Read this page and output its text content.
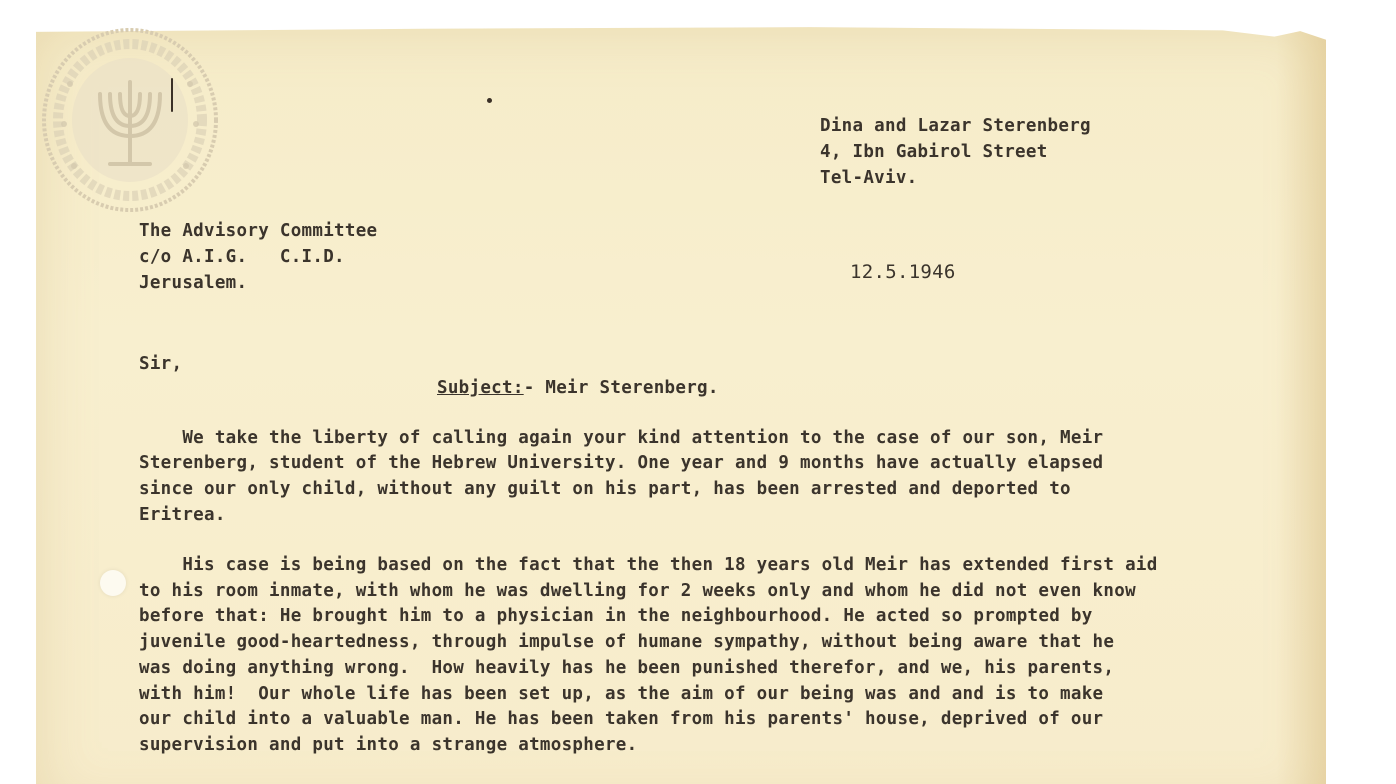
Dina and Lazar Sterenberg
4, Ibn Gabirol Street
Tel-Aviv.
The Advisory Committee
c/o A.I.G.   C.I.D.
Jerusalem.	12.5.1946
Sir,
Subject:- Meir Sterenberg.
We take the liberty of calling again your kind attention to the case of our son, Meir
Sterenberg, student of the Hebrew University. One year and 9 months have actually elapsed
since our only child, without any guilt on his part, has been arrested and deported to
Eritrea.
His case is being based on the fact that the then 18 years old Meir has extended first aid
to his room inmate, with whom he was dwelling for 2 weeks only and whom he did not even know
before that: He brought him to a physician in the neighbourhood. He acted so prompted by
juvenile good-heartedness, through impulse of humane sympathy, without being aware that he
was doing anything wrong.  How heavily has he been punished therefor, and we, his parents,
with him!  Our whole life has been set up, as the aim of our being was and and is to make
our child into a valuable man. He has been taken from his parents' house, deprived of our
supervision and put into a strange atmosphere.
